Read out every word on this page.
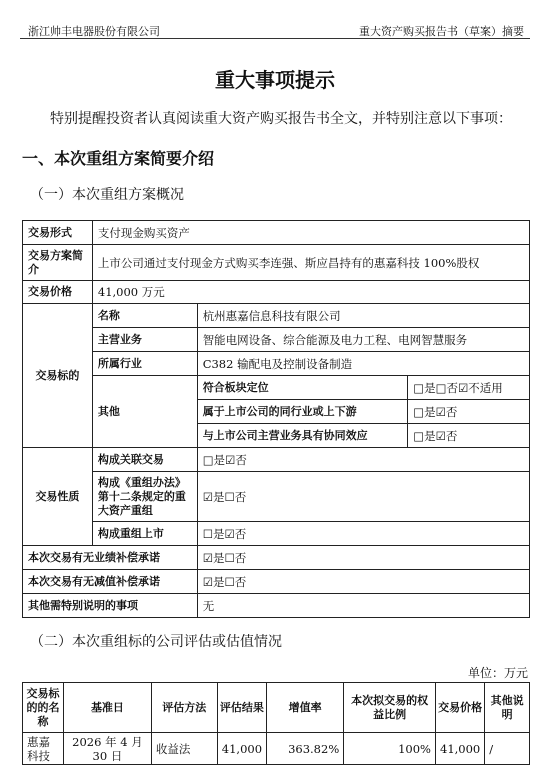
浙江帅丰电器股份有限公司	重大资产购买报告书（草案）摘要
重大事项提示
特别提醒投资者认真阅读重大资产购买报告书全文，并特别注意以下事项：
一、本次重组方案简要介绍
（一）本次重组方案概况
交易形式	支付现金购买资产		
交易方案简介	上市公司通过支付现金方式购买李连强、斯应昌持有的惠嘉科技 100%股权		
交易价格	41,000 万元		
交易标的	名称	杭州惠嘉信息科技有限公司	
	主营业务	智能电网设备、综合能源及电力工程、电网智慧服务	
	所属行业	C382 输配电及控制设备制造	
	其他	符合板块定位	□是□否☑不适用
		属于上市公司的同行业或上下游	□是☑否
		与上市公司主营业务具有协同效应	□是☑否
交易性质	构成关联交易	□是☑否	
	构成《重组办法》第十二条规定的重大资产重组	☑是☐否	
	构成重组上市	☐是☑否	
本次交易有无业绩补偿承诺		☑是☐否	
本次交易有无减值补偿承诺		☑是☐否	
其他需特别说明的事项		无	
（二）本次重组标的公司评估或估值情况
单位：万元
交易标的的名称	基准日	评估方法	评估结果	增值率	本次拟交易的权益比例	交易价格	其他说明
惠嘉科技	2026 年 4 月 30 日	收益法	41,000	363.82%	100%	41,000	/
